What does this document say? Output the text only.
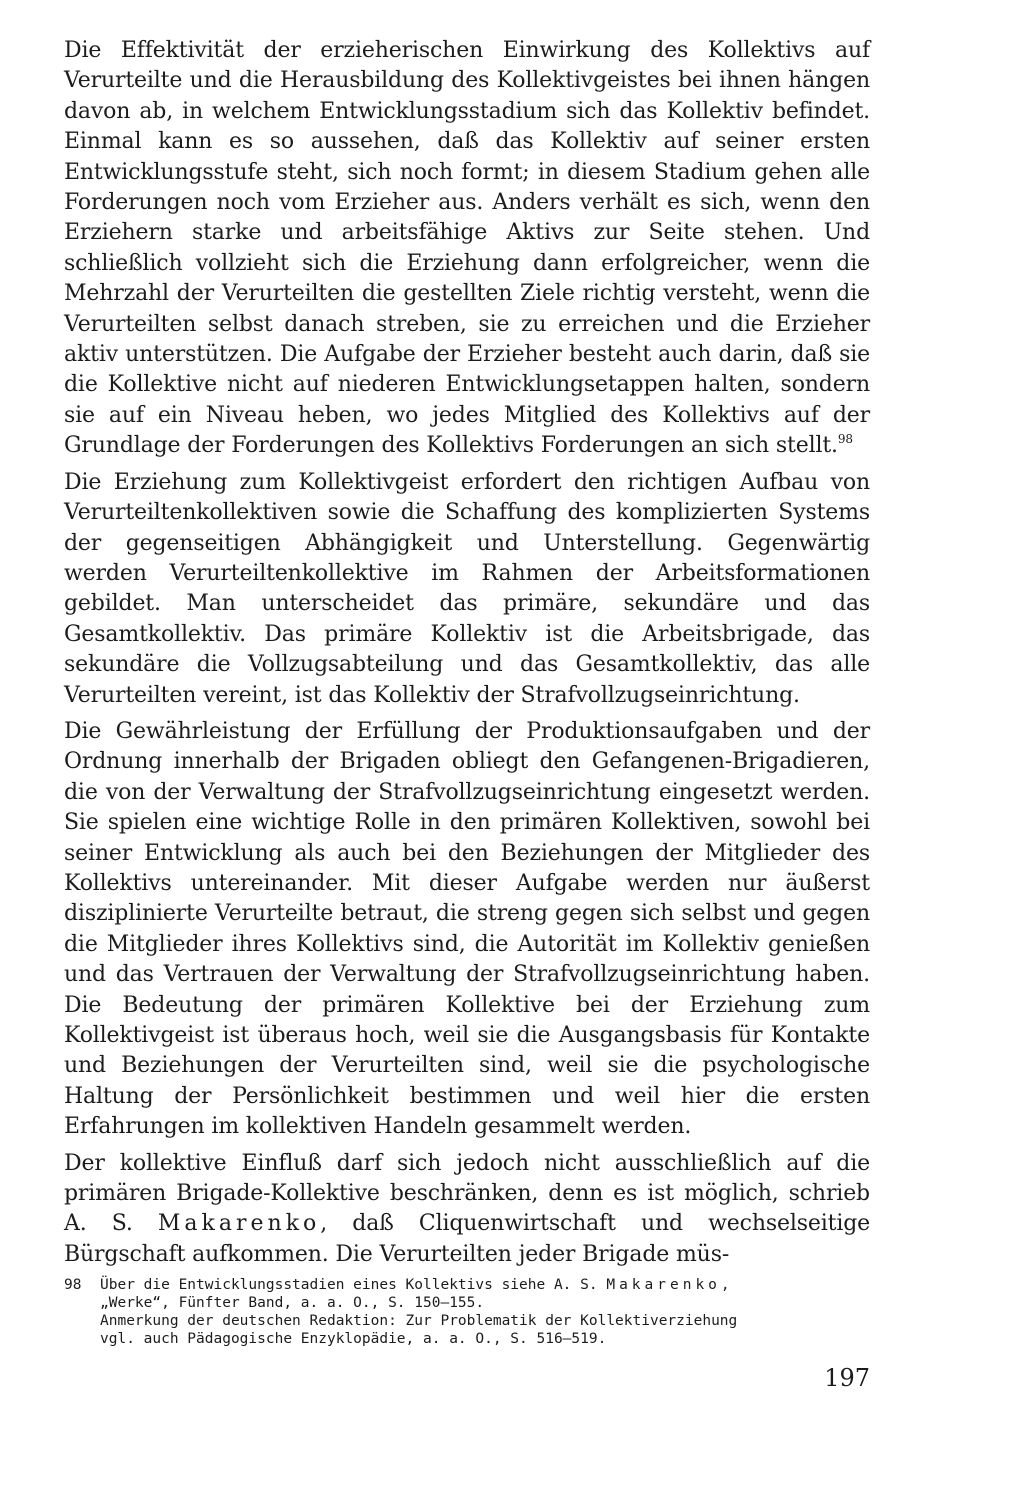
Die Effektivität der erzieherischen Einwirkung des Kollektivs auf Verurteilte und die Herausbildung des Kollektivgeistes bei ihnen hängen davon ab, in welchem Entwicklungsstadium sich das Kollektiv befindet. Einmal kann es so aussehen, daß das Kollektiv auf seiner ersten Entwicklungsstufe steht, sich noch formt; in diesem Stadium gehen alle Forderungen noch vom Erzieher aus. Anders verhält es sich, wenn den Erziehern starke und arbeitsfähige Aktivs zur Seite stehen. Und schließlich vollzieht sich die Erziehung dann erfolgreicher, wenn die Mehrzahl der Verurteilten die gestellten Ziele richtig versteht, wenn die Verurteilten selbst danach streben, sie zu erreichen und die Erzieher aktiv unterstützen. Die Aufgabe der Erzieher besteht auch darin, daß sie die Kollektive nicht auf niederen Entwicklungsetappen halten, sondern sie auf ein Niveau heben, wo jedes Mitglied des Kollektivs auf der Grundlage der Forderungen des Kollektivs Forderungen an sich stellt.$^{98}$

Die Erziehung zum Kollektivgeist erfordert den richtigen Aufbau von Verurteiltenkollektiven sowie die Schaffung des komplizierten Systems der gegenseitigen Abhängigkeit und Unterstellung. Gegenwärtig werden Verurteiltenkollektive im Rahmen der Arbeitsformationen gebildet. Man unterscheidet das primäre, sekundäre und das Gesamtkollektiv. Das primäre Kollektiv ist die Arbeitsbrigade, das sekundäre die Vollzugsabteilung und das Gesamtkollektiv, das alle Verurteilten vereint, ist das Kollektiv der Strafvollzugseinrichtung.

Die Gewährleistung der Erfüllung der Produktionsaufgaben und der Ordnung innerhalb der Brigaden obliegt den Gefangenen-Brigadieren, die von der Verwaltung der Strafvollzugseinrichtung eingesetzt werden. Sie spielen eine wichtige Rolle in den primären Kollektiven, sowohl bei seiner Entwicklung als auch bei den Beziehungen der Mitglieder des Kollektivs untereinander. Mit dieser Aufgabe werden nur äußerst disziplinierte Verurteilte betraut, die streng gegen sich selbst und gegen die Mitglieder ihres Kollektivs sind, die Autorität im Kollektiv genießen und das Vertrauen der Verwaltung der Strafvollzugseinrichtung haben. Die Bedeutung der primären Kollektive bei der Erziehung zum Kollektivgeist ist überaus hoch, weil sie die Ausgangsbasis für Kontakte und Beziehungen der Verurteilten sind, weil sie die psychologische Haltung der Persönlichkeit bestimmen und weil hier die ersten Erfahrungen im kollektiven Handeln gesammelt werden.

Der kollektive Einfluß darf sich jedoch nicht ausschließlich auf die primären Brigade-Kollektive beschränken, denn es ist möglich, schrieb A. S. Makarenko, daß Cliquenwirtschaft und wechselseitige Bürgschaft aufkommen. Die Verurteilten jeder Brigade müs-

98	Über die Entwicklungsstadien eines Kollektivs siehe A. S. Makarenko,
„Werke“, Fünfter Band, a. a. O., S. 150–155.
Anmerkung der deutschen Redaktion: Zur Problematik der Kollektiverziehung
vgl. auch Pädagogische Enzyklopädie, a. a. O., S. 516–519.
197
